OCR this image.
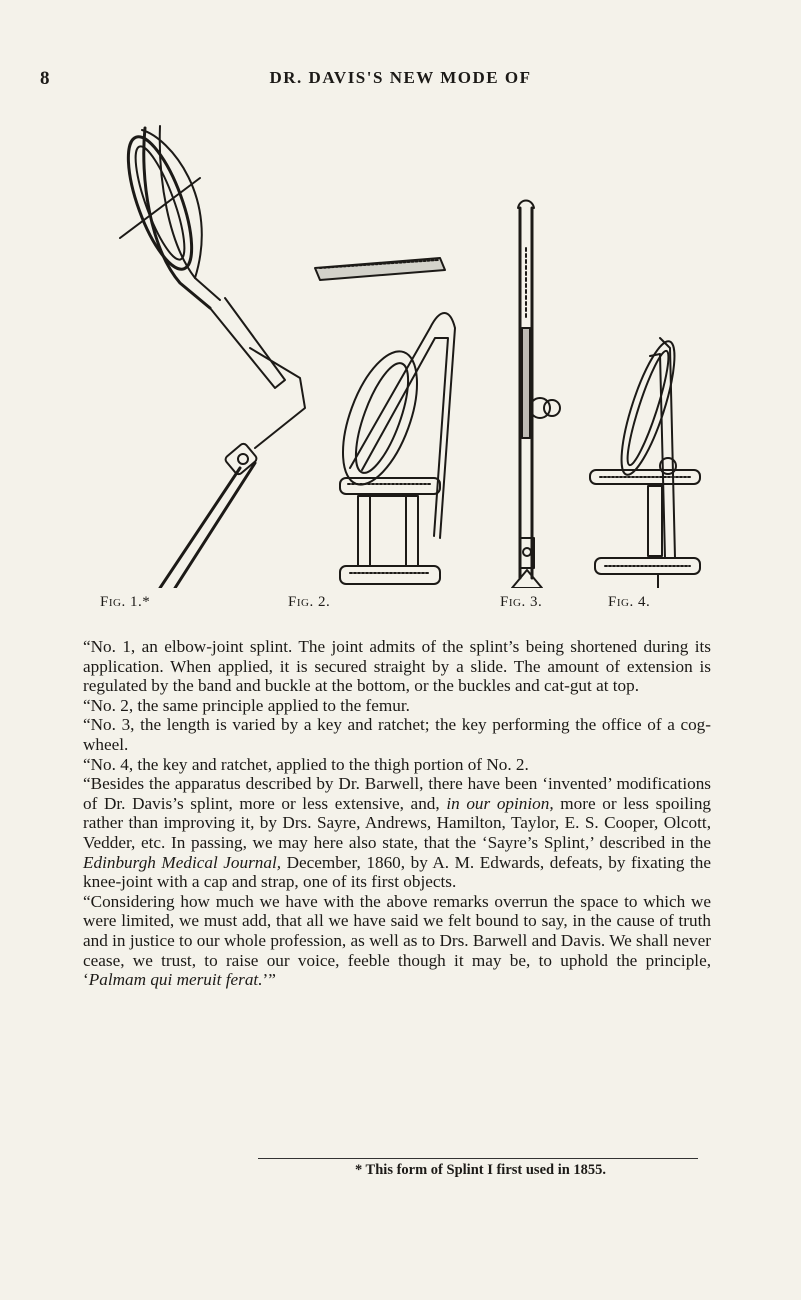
8	DR. DAVIS'S NEW MODE OF
Fig. 1.*	Fig. 2.	Fig. 3.	Fig. 4.

“No. 1, an elbow-joint splint. The joint admits of the splint’s being shortened during its application. When applied, it is secured straight by a slide. The amount of extension is regulated by the band and buckle at the bottom, or the buckles and cat-gut at top.

“No. 2, the same principle applied to the femur.

“No. 3, the length is varied by a key and ratchet; the key performing the office of a cog-wheel.

“No. 4, the key and ratchet, applied to the thigh portion of No. 2.

“Besides the apparatus described by Dr. Barwell, there have been ‘invented’ modifications of Dr. Davis’s splint, more or less extensive, and, in our opinion, more or less spoiling rather than improving it, by Drs. Sayre, Andrews, Hamilton, Taylor, E. S. Cooper, Olcott, Vedder, etc. In passing, we may here also state, that the ‘Sayre’s Splint,’ described in the Edinburgh Medical Journal, December, 1860, by A. M. Edwards, defeats, by fixating the knee-joint with a cap and strap, one of its first objects.

“Considering how much we have with the above remarks overrun the space to which we were limited, we must add, that all we have said we felt bound to say, in the cause of truth and in justice to our whole profession, as well as to Drs. Barwell and Davis. We shall never cease, we trust, to raise our voice, feeble though it may be, to uphold the principle, ‘Palmam qui meruit ferat.’”

* This form of Splint I first used in 1855.
